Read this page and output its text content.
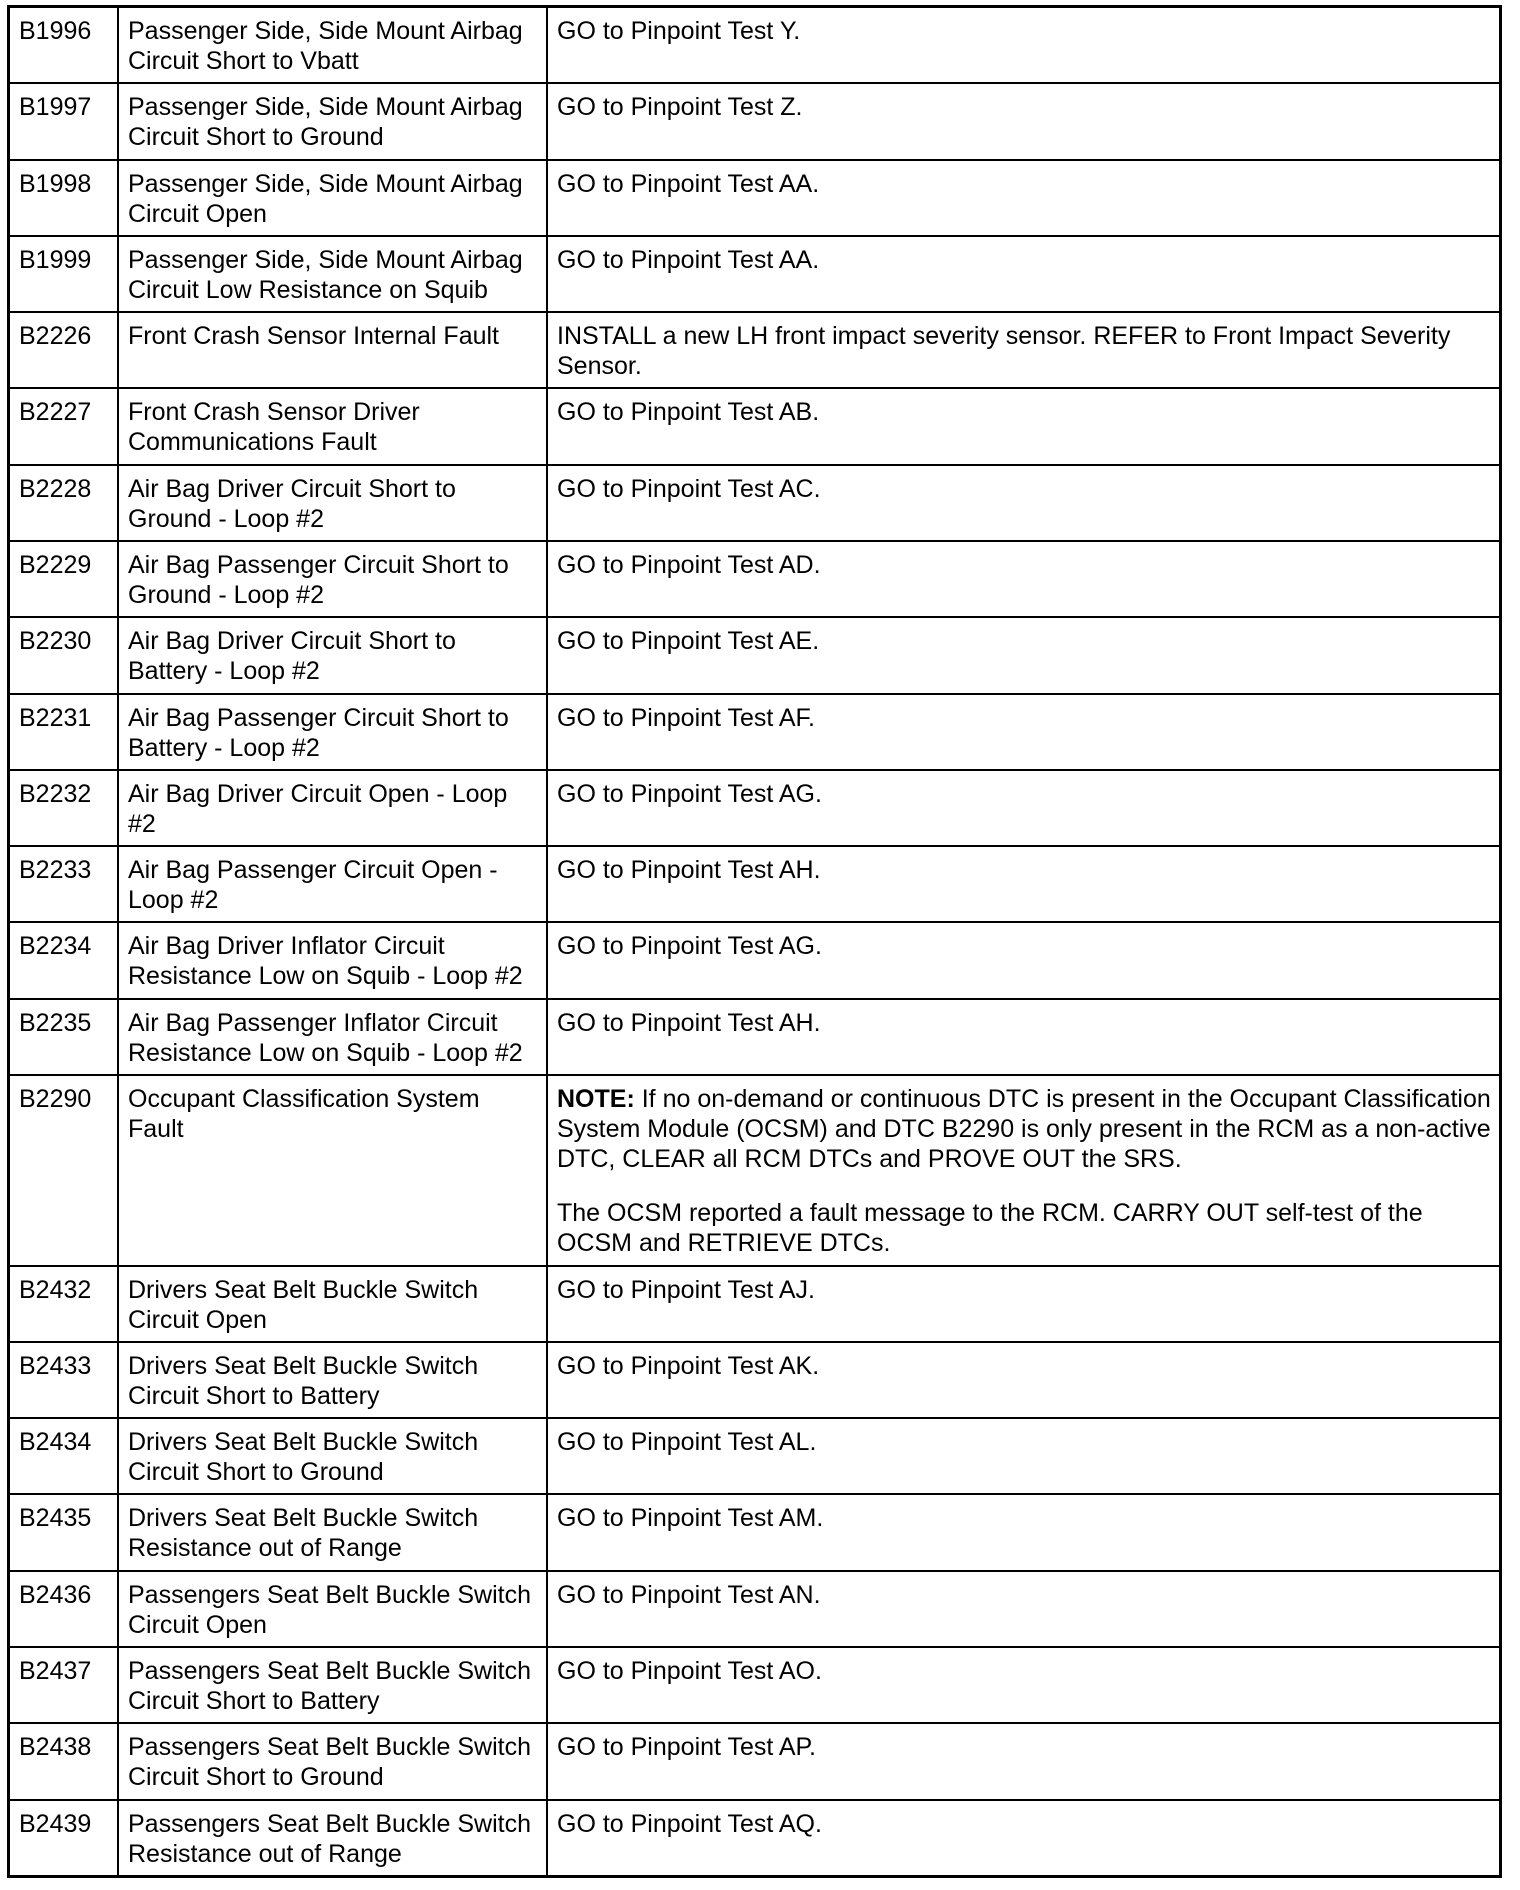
B1996	Passenger Side, Side Mount Airbag Circuit Short to Vbatt	GO to Pinpoint Test Y.
B1997	Passenger Side, Side Mount Airbag Circuit Short to Ground	GO to Pinpoint Test Z.
B1998	Passenger Side, Side Mount Airbag Circuit Open	GO to Pinpoint Test AA.
B1999	Passenger Side, Side Mount Airbag Circuit Low Resistance on Squib	GO to Pinpoint Test AA.
B2226	Front Crash Sensor Internal Fault	INSTALL a new LH front impact severity sensor. REFER to Front Impact Severity Sensor.
B2227	Front Crash Sensor Driver Communications Fault	GO to Pinpoint Test AB.
B2228	Air Bag Driver Circuit Short to Ground - Loop #2	GO to Pinpoint Test AC.
B2229	Air Bag Passenger Circuit Short to Ground - Loop #2	GO to Pinpoint Test AD.
B2230	Air Bag Driver Circuit Short to Battery - Loop #2	GO to Pinpoint Test AE.
B2231	Air Bag Passenger Circuit Short to Battery - Loop #2	GO to Pinpoint Test AF.
B2232	Air Bag Driver Circuit Open - Loop #2	GO to Pinpoint Test AG.
B2233	Air Bag Passenger Circuit Open - Loop #2	GO to Pinpoint Test AH.
B2234	Air Bag Driver Inflator Circuit Resistance Low on Squib - Loop #2	GO to Pinpoint Test AG.
B2235	Air Bag Passenger Inflator Circuit Resistance Low on Squib - Loop #2	GO to Pinpoint Test AH.
B2290	Occupant Classification System Fault	NOTE: If no on-demand or continuous DTC is present in the Occupant Classification System Module (OCSM) and DTC B2290 is only present in the RCM as a non-active DTC, CLEAR all RCM DTCs and PROVE OUT the SRS.
The OCSM reported a fault message to the RCM. CARRY OUT self-test of the OCSM and RETRIEVE DTCs.

B2432	Drivers Seat Belt Buckle Switch Circuit Open	GO to Pinpoint Test AJ.
B2433	Drivers Seat Belt Buckle Switch Circuit Short to Battery	GO to Pinpoint Test AK.
B2434	Drivers Seat Belt Buckle Switch Circuit Short to Ground	GO to Pinpoint Test AL.
B2435	Drivers Seat Belt Buckle Switch Resistance out of Range	GO to Pinpoint Test AM.
B2436	Passengers Seat Belt Buckle Switch Circuit Open	GO to Pinpoint Test AN.
B2437	Passengers Seat Belt Buckle Switch Circuit Short to Battery	GO to Pinpoint Test AO.
B2438	Passengers Seat Belt Buckle Switch Circuit Short to Ground	GO to Pinpoint Test AP.
B2439	Passengers Seat Belt Buckle Switch Resistance out of Range	GO to Pinpoint Test AQ.
